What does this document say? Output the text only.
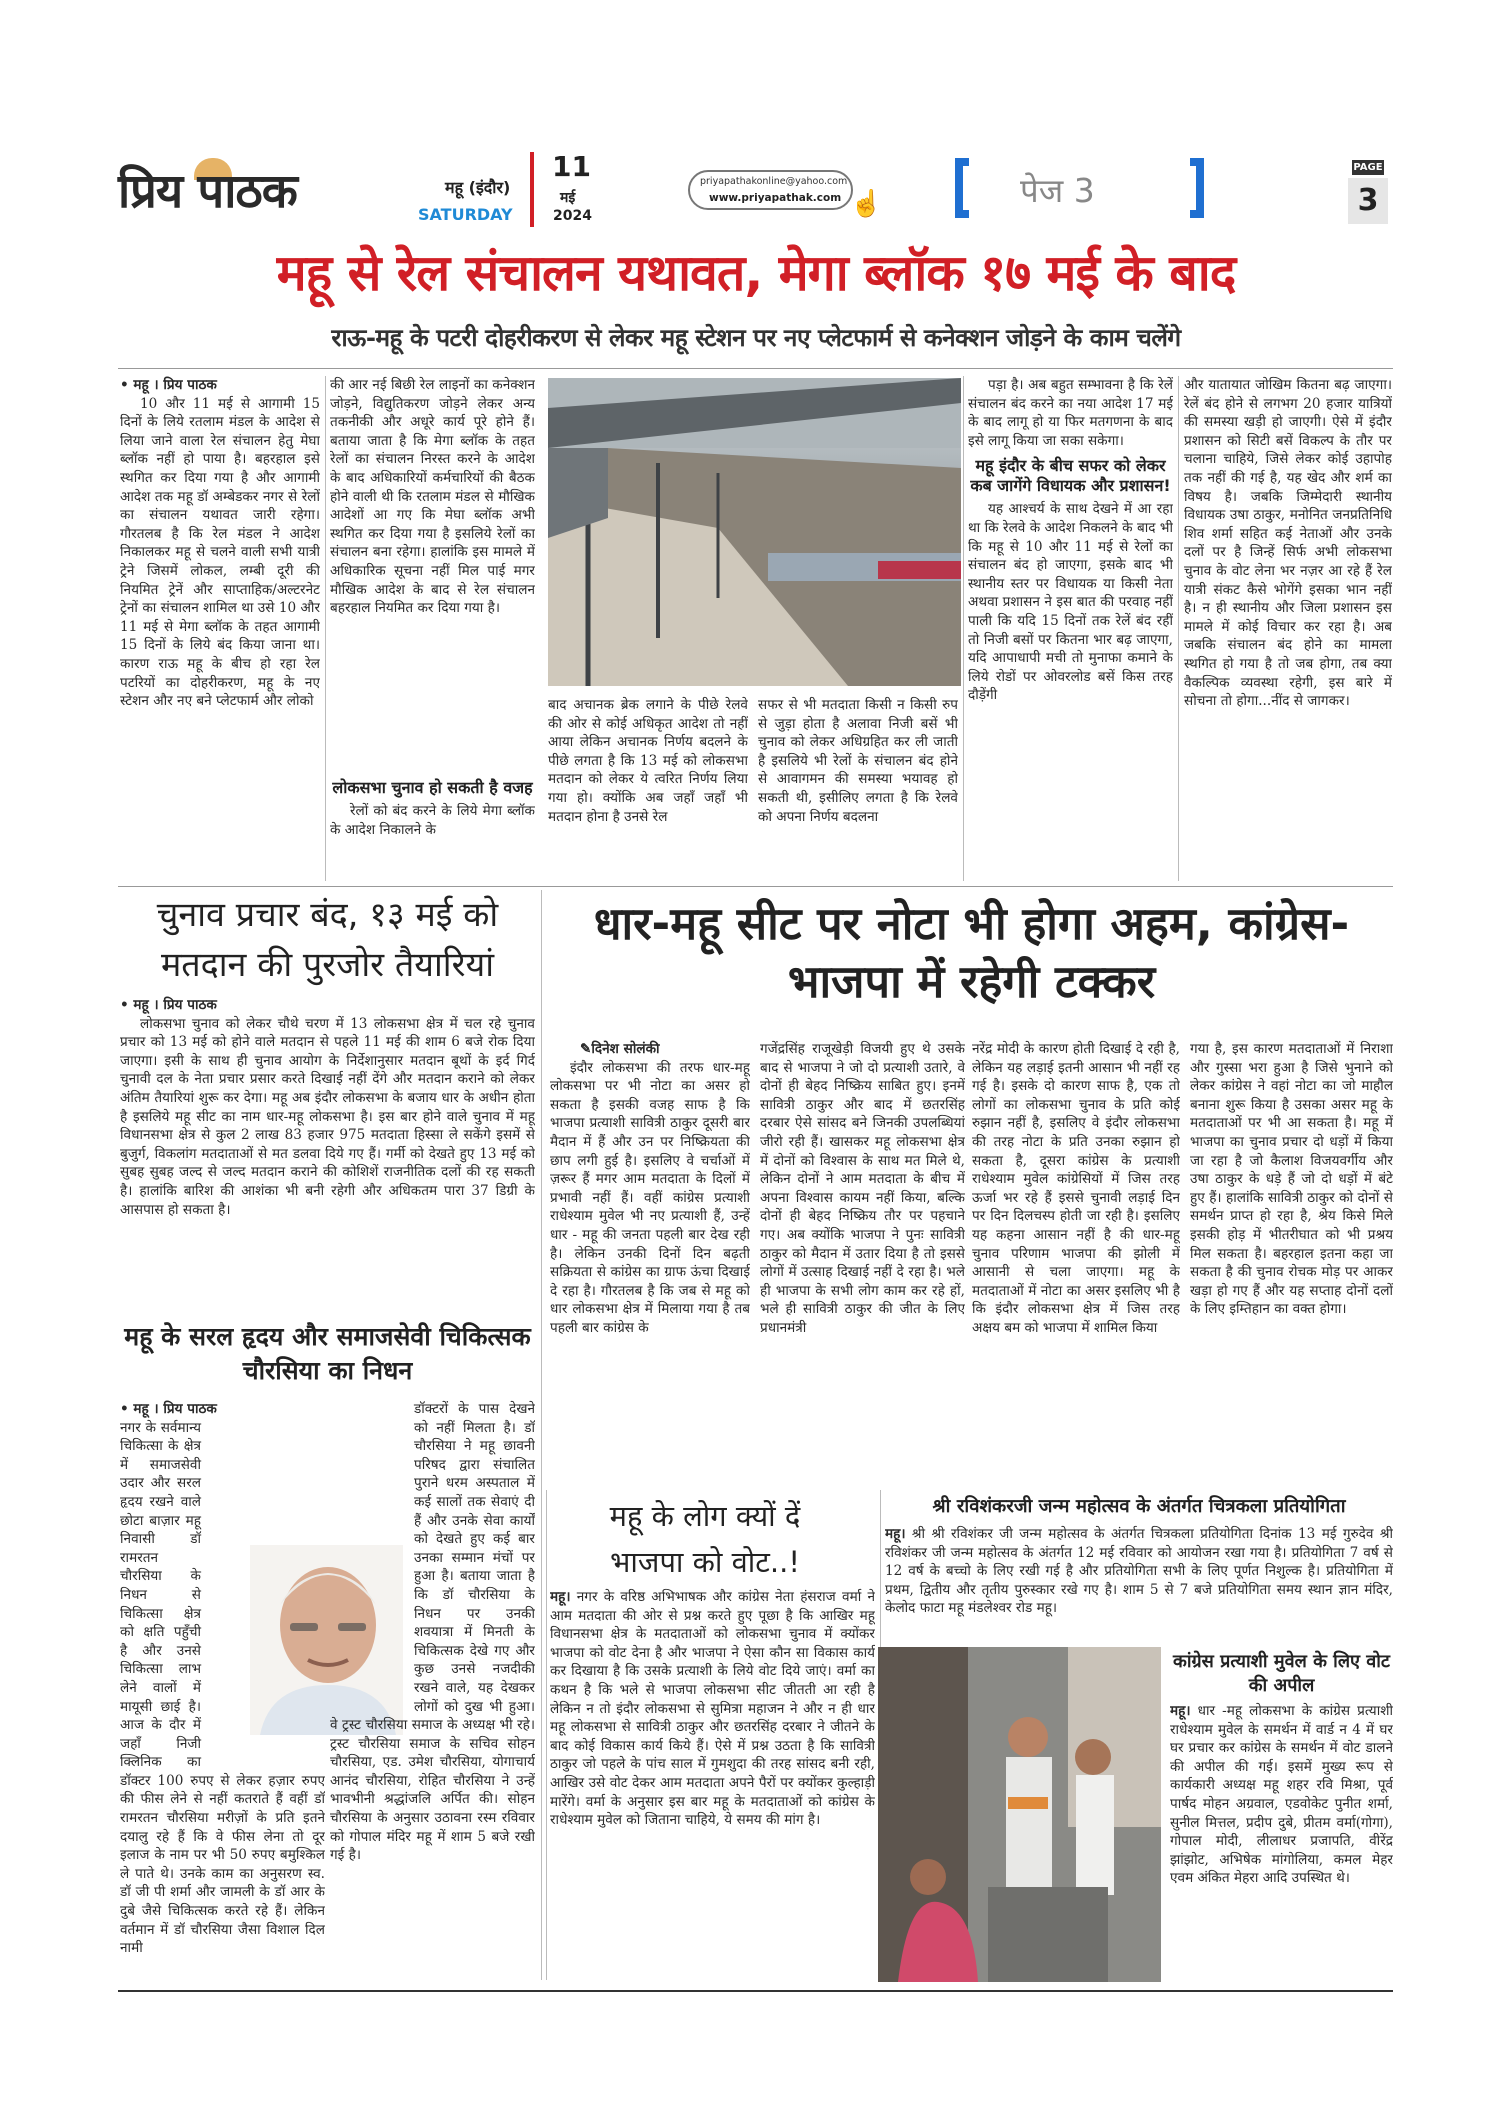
प्रिय पाठक	महू (इंदौर)
SATURDAY
11
मई
2024
priyapathakonline@yahoo.com
www.priyapathak.com ☝	पेज 3
PAGE
3
महू से रेल संचालन यथावत, मेगा ब्लॉक १७ मई के बाद
राऊ-महू के पटरी दोहरीकरण से लेकर महू स्टेशन पर नए प्लेटफार्म से कनेक्शन जोड़ने के काम चलेंगे
• महू । प्रिय पाठक
10 और 11 मई से आगामी 15 दिनों के लिये रतलाम मंडल के आदेश से लिया जाने वाला रेल संचालन हेतु मेघा ब्लॉक नहीं हो पाया है। बहरहाल इसे स्थगित कर दिया गया है और आगामी आदेश तक महू डॉ अम्बेडकर नगर से रेलों का संचालन यथावत जारी रहेगा। गौरतलब है कि रेल मंडल ने आदेश निकालकर महू से चलने वाली सभी यात्री ट्रेने जिसमें लोकल, लम्बी दूरी की नियमित ट्रेनें और साप्ताहिक/अल्टरनेट ट्रेनों का संचालन शामिल था उसे 10 और 11 मई से मेगा ब्लॉक के तहत आगामी 15 दिनों के लिये बंद किया जाना था। कारण राऊ महू के बीच हो रहा रेल पटरियों का दोहरीकरण, महू के नए स्टेशन और नए बने प्लेटफार्म और लोको
की आर नई बिछी रेल लाइनों का कनेक्शन जोड़ने, विद्युतिकरण जोड़ने लेकर अन्य तकनीकी और अधूरे कार्य पूरे होने हैं। बताया जाता है कि मेगा ब्लॉक के तहत रेलों का संचालन निरस्त करने के आदेश के बाद अधिकारियों कर्मचारियों की बैठक होने वाली थी कि रतलाम मंडल से मौखिक आदेशों आ गए कि मेघा ब्लॉक अभी स्थगित कर दिया गया है इसलिये रेलों का संचालन बना रहेगा। हालांकि इस मामले में अधिकारिक सूचना नहीं मिल पाई मगर मौखिक आदेश के बाद से रेल संचालन बहरहाल नियमित कर दिया गया है।
लोकसभा चुनाव हो सकती है वजह
रेलों को बंद करने के लिये मेगा ब्लॉक के आदेश निकालने के
बाद अचानक ब्रेक लगाने के पीछे रेलवे की ओर से कोई अधिकृत आदेश तो नहीं आया लेकिन अचानक निर्णय बदलने के पीछे लगता है कि 13 मई को लोकसभा मतदान को लेकर ये त्वरित निर्णय लिया गया हो। क्योंकि अब जहाँ जहाँ भी मतदान होना है उनसे रेल
सफर से भी मतदाता किसी न किसी रुप से जुड़ा होता है अलावा निजी बसें भी चुनाव को लेकर अधिग्रहित कर ली जाती है इसलिये भी रेलों के संचालन बंद होने से आवागमन की समस्या भयावह हो सकती थी, इसीलिए लगता है कि रेलवे को अपना निर्णय बदलना
पड़ा है। अब बहुत सम्भावना है कि रेलें संचालन बंद करने का नया आदेश 17 मई के बाद लागू हो या फिर मतगणना के बाद इसे लागू किया जा सका सकेगा।
महू इंदौर के बीच सफर को लेकर कब जागेंगे विधायक और प्रशासन!
यह आश्चर्य के साथ देखने में आ रहा था कि रेलवे के आदेश निकलने के बाद भी कि महू से 10 और 11 मई से रेलों का संचालन बंद हो जाएगा, इसके बाद भी स्थानीय स्तर पर विधायक या किसी नेता अथवा प्रशासन ने इस बात की परवाह नहीं पाली कि यदि 15 दिनों तक रेलें बंद रहीं तो निजी बसों पर कितना भार बढ़ जाएगा, यदि आपाधापी मची तो मुनाफा कमाने के लिये रोडों पर ओवरलोड बसें किस तरह दौड़ेंगी
और यातायात जोखिम कितना बढ़ जाएगा। रेलें बंद होने से लगभग 20 हजार यात्रियों की समस्या खड़ी हो जाएगी। ऐसे में इंदौर प्रशासन को सिटी बसें विकल्प के तौर पर चलाना चाहिये, जिसे लेकर कोई उहापोह तक नहीं की गई है, यह खेद और शर्म का विषय है। जबकि जिम्मेदारी स्थानीय विधायक उषा ठाकुर, मनोनित जनप्रतिनिधि शिव शर्मा सहित कई नेताओं और उनके दलों पर है जिन्हें सिर्फ अभी लोकसभा चुनाव के वोट लेना भर नज़र आ रहे हैं रेल यात्री संकट कैसे भोगेंगे इसका भान नहीं है। न ही स्थानीय और जिला प्रशासन इस मामले में कोई विचार कर रहा है। अब जबकि संचालन बंद होने का मामला स्थगित हो गया है तो जब होगा, तब क्या वैकल्पिक व्यवस्था रहेगी, इस बारे में सोचना तो होगा...नींद से जागकर।
चुनाव प्रचार बंद, १३ मई को मतदान की पुरजोर तैयारियां
• महू । प्रिय पाठक
लोकसभा चुनाव को लेकर चौथे चरण में 13 लोकसभा क्षेत्र में चल रहे चुनाव प्रचार को 13 मई को होने वाले मतदान से पहले 11 मई की शाम 6 बजे रोक दिया जाएगा। इसी के साथ ही चुनाव आयोग के निर्देशानुसार मतदान बूथों के इर्द गिर्द चुनावी दल के नेता प्रचार प्रसार करते दिखाई नहीं देंगे और मतदान कराने को लेकर अंतिम तैयारियां शुरू कर देगा। महू अब इंदौर लोकसभा के बजाय धार के अधीन होता है इसलिये महू सीट का नाम धार-महू लोकसभा है। इस बार होने वाले चुनाव में महू विधानसभा क्षेत्र से कुल 2 लाख 83 हजार 975 मतदाता हिस्सा ले सकेंगे इसमें से बुजुर्ग, विकलांग मतदाताओं से मत डलवा दिये गए हैं। गर्मी को देखते हुए 13 मई को सुबह सुबह जल्द से जल्द मतदान कराने की कोशिशें राजनीतिक दलों की रह सकती है। हालांकि बारिश की आशंका भी बनी रहेगी और अधिकतम पारा 37 डिग्री के आसपास हो सकता है।
महू के सरल हृदय और समाजसेवी चिकित्सक चौरसिया का निधन
• महू । प्रिय पाठक
नगर के सर्वमान्य चिकित्सा के क्षेत्र में समाजसेवी उदार और सरल हृदय रखने वाले छोटा बाज़ार महू निवासी डॉ रामरतन चौरसिया के निधन से चिकित्सा क्षेत्र को क्षति पहुँची है और उनसे चिकित्सा लाभ लेने वालों में मायूसी छाई है। आज के दौर में जहाँ निजी क्लिनिक का डॉक्टर 100 रुपए से लेकर हज़ार रुपए की फीस लेने से नहीं कतराते हैं वहीं डॉ रामरतन चौरसिया मरीज़ों के प्रति इतने दयालु रहे हैं कि वे फीस लेना तो दूर इलाज के नाम पर भी 50 रुपए बमुश्किल ले पाते थे। उनके काम का अनुसरण स्व. डॉ जी पी शर्मा और जामली के डॉ आर के दुबे जैसे चिकित्सक करते रहे हैं। लेकिन वर्तमान में डॉ चौरसिया जैसा विशाल दिल नामी
डॉक्टरों के पास देखने को नहीं मिलता है। डॉ चौरसिया ने महू छावनी परिषद द्वारा संचालित पुराने धरम अस्पताल में कई सालों तक सेवाएं दी हैं और उनके सेवा कार्यों को देखते हुए कई बार उनका सम्मान मंचों पर हुआ है। बताया जाता है कि डॉ चौरसिया के निधन पर उनकी शवयात्रा में मिनती के चिकित्सक देखे गए और कुछ उनसे नजदीकी रखने वाले, यह देखकर लोगों को दुख भी हुआ। वे ट्रस्ट चौरसिया समाज के अध्यक्ष भी रहे। ट्रस्ट चौरसिया समाज के सचिव सोहन चौरसिया, एड. उमेश चौरसिया, योगाचार्य आनंद चौरसिया, रोहित चौरसिया ने उन्हें भावभीनी श्रद्धांजलि अर्पित की। सोहन चौरसिया के अनुसार उठावना रस्म रविवार को गोपाल मंदिर महू में शाम 5 बजे रखी गई है।
धार-महू सीट पर नोटा भी होगा अहम, कांग्रेस- भाजपा में रहेगी टक्कर
✎दिनेश सोलंकी
इंदौर लोकसभा की तरफ धार-महू लोकसभा पर भी नोटा का असर हो सकता है इसकी वजह साफ है कि भाजपा प्रत्याशी सावित्री ठाकुर दूसरी बार मैदान में हैं और उन पर निष्क्रियता की छाप लगी हुई है। इसलिए वे चर्चाओं में ज़रूर हैं मगर आम मतदाता के दिलों में प्रभावी नहीं हैं। वहीं कांग्रेस प्रत्याशी राधेश्याम मुवेल भी नए प्रत्याशी हैं, उन्हें धार - महू की जनता पहली बार देख रही है। लेकिन उनकी दिनों दिन बढ़ती सक्रियता से कांग्रेस का ग्राफ ऊंचा दिखाई दे रहा है। गौरतलब है कि जब से महू को धार लोकसभा क्षेत्र में मिलाया गया है तब पहली बार कांग्रेस के
गजेंद्रसिंह राजूखेड़ी विजयी हुए थे उसके बाद से भाजपा ने जो दो प्रत्याशी उतारे, वे दोनों ही बेहद निष्क्रिय साबित हुए। इनमें सावित्री ठाकुर और बाद में छतरसिंह दरबार ऐसे सांसद बने जिनकी उपलब्धियां जीरो रही हैं। खासकर महू लोकसभा क्षेत्र में दोनों को विश्वास के साथ मत मिले थे, लेकिन दोनों ने आम मतदाता के बीच में अपना विश्वास कायम नहीं किया, बल्कि दोनों ही बेहद निष्क्रिय तौर पर पहचाने गए। अब क्योंकि भाजपा ने पुनः सावित्री ठाकुर को मैदान में उतार दिया है तो इससे लोगों में उत्साह दिखाई नहीं दे रहा है। भले ही भाजपा के सभी लोग काम कर रहे हों, भले ही सावित्री ठाकुर की जीत के लिए प्रधानमंत्री
नरेंद्र मोदी के कारण होती दिखाई दे रही है, लेकिन यह लड़ाई इतनी आसान भी नहीं रह गई है। इसके दो कारण साफ है, एक तो लोगों का लोकसभा चुनाव के प्रति कोई रुझान नहीं है, इसलिए वे इंदौर लोकसभा की तरह नोटा के प्रति उनका रुझान हो सकता है, दूसरा कांग्रेस के प्रत्याशी राधेश्याम मुवेल कांग्रेसियों में जिस तरह ऊर्जा भर रहे हैं इससे चुनावी लड़ाई दिन पर दिन दिलचस्प होती जा रही है। इसलिए यह कहना आसान नहीं है की धार-महू चुनाव परिणाम भाजपा की झोली में आसानी से चला जाएगा। महू के मतदाताओं में नोटा का असर इसलिए भी है कि इंदौर लोकसभा क्षेत्र में जिस तरह अक्षय बम को भाजपा में शामिल किया
गया है, इस कारण मतदाताओं में निराशा और गुस्सा भरा हुआ है जिसे भुनाने को लेकर कांग्रेस ने वहां नोटा का जो माहौल बनाना शुरू किया है उसका असर महू के मतदाताओं पर भी आ सकता है। महू में भाजपा का चुनाव प्रचार दो धड़ों में किया जा रहा है जो कैलाश विजयवर्गीय और उषा ठाकुर के धड़े हैं जो दो धड़ों में बंटे हुए हैं। हालांकि सावित्री ठाकुर को दोनों से समर्थन प्राप्त हो रहा है, श्रेय किसे मिले इसकी होड़ में भीतरीघात को भी प्रश्रय मिल सकता है। बहरहाल इतना कहा जा सकता है की चुनाव रोचक मोड़ पर आकर खड़ा हो गए हैं और यह सप्ताह दोनों दलों के लिए इम्तिहान का वक्त होगा।
महू के लोग क्यों दें भाजपा को वोट..!
महू। नगर के वरिष्ठ अभिभाषक और कांग्रेस नेता हंसराज वर्मा ने आम मतदाता की ओर से प्रश्न करते हुए पूछा है कि आखिर महू विधानसभा क्षेत्र के मतदाताओं को लोकसभा चुनाव में क्योंकर भाजपा को वोट देना है और भाजपा ने ऐसा कौन सा विकास कार्य कर दिखाया है कि उसके प्रत्याशी के लिये वोट दिये जाएं। वर्मा का कथन है कि भले से भाजपा लोकसभा सीट जीतती आ रही है लेकिन न तो इंदौर लोकसभा से सुमित्रा महाजन ने और न ही धार महू लोकसभा से सावित्री ठाकुर और छतरसिंह दरबार ने जीतने के बाद कोई विकास कार्य किये हैं। ऐसे में प्रश्न उठता है कि सावित्री ठाकुर जो पहले के पांच साल में गुमशुदा की तरह सांसद बनी रही, आखिर उसे वोट देकर आम मतदाता अपने पैरों पर क्योंकर कुल्हाड़ी मारेंगे। वर्मा के अनुसार इस बार महू के मतदाताओं को कांग्रेस के राधेश्याम मुवेल को जिताना चाहिये, ये समय की मांग है।
श्री रविशंकरजी जन्म महोत्सव के अंतर्गत चित्रकला प्रतियोगिता
महू। श्री श्री रविशंकर जी जन्म महोत्सव के अंतर्गत चित्रकला प्रतियोगिता दिनांक 13 मई गुरुदेव श्री रविशंकर जी जन्म महोत्सव के अंतर्गत 12 मई रविवार को आयोजन रखा गया है। प्रतियोगिता 7 वर्ष से 12 वर्ष के बच्चो के लिए रखी गई है और प्रतियोगिता सभी के लिए पूर्णत निशुल्क है। प्रतियोगिता में प्रथम, द्वितीय और तृतीय पुरुस्कार रखे गए है। शाम 5 से 7 बजे प्रतियोगिता समय स्थान ज्ञान मंदिर, केलोद फाटा महू मंडलेश्वर रोड महू।
कांग्रेस प्रत्याशी मुवेल के लिए वोट की अपील
महू। धार -महू लोकसभा के कांग्रेस प्रत्याशी राधेश्याम मुवेल के समर्थन में वार्ड न 4 में घर घर प्रचार कर कांग्रेस के समर्थन में वोट डालने की अपील की गई। इसमें मुख्य रूप से कार्यकारी अध्यक्ष महू शहर रवि मिश्रा, पूर्व पार्षद मोहन अग्रवाल, एडवोकेट पुनीत शर्मा, सुनील मित्तल, प्रदीप दुबे, प्रीतम वर्मा(गोगा), गोपाल मोदी, लीलाधर प्रजापति, वीरेंद्र झांझोट, अभिषेक मांगोलिया, कमल मेहर एवम अंकित मेहरा आदि उपस्थित थे।
